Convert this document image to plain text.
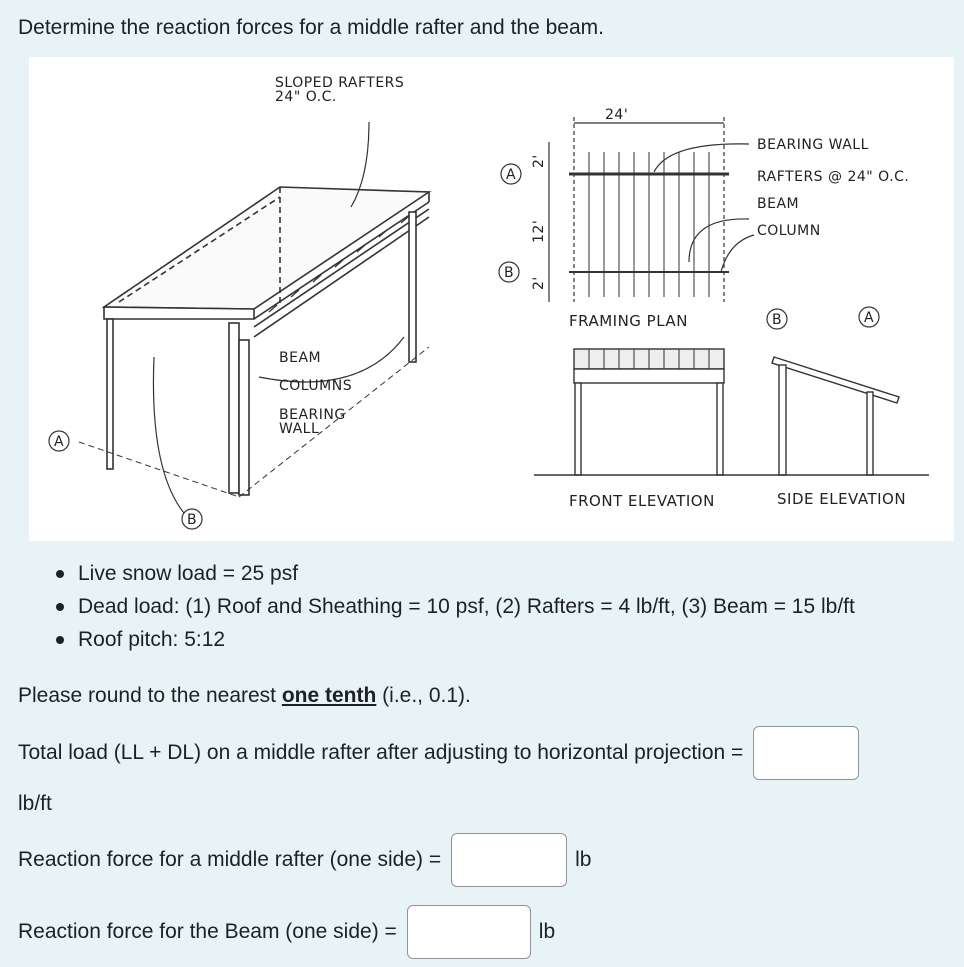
Determine the reaction forces for a middle rafter and the beam.
SLOPED RAFTERS
24" O.C.
BEAM
COLUMNS
BEARING
WALL
A
B
24'
2'
12'
2'
A
B
BEARING WALL
RAFTERS @ 24" O.C.
BEAM
COLUMN
FRAMING PLAN	B	A
FRONT ELEVATION	SIDE ELEVATION
Live snow load = 25 psf
Dead load: (1) Roof and Sheathing = 10 psf, (2) Rafters = 4 lb/ft, (3) Beam = 15 lb/ft
Roof pitch: 5:12
Please round to the nearest one tenth (i.e., 0.1).
Total load (LL + DL) on a middle rafter after adjusting to horizontal projection =
lb/ft
Reaction force for a middle rafter (one side) =	lb
Reaction force for the Beam (one side) =	lb
